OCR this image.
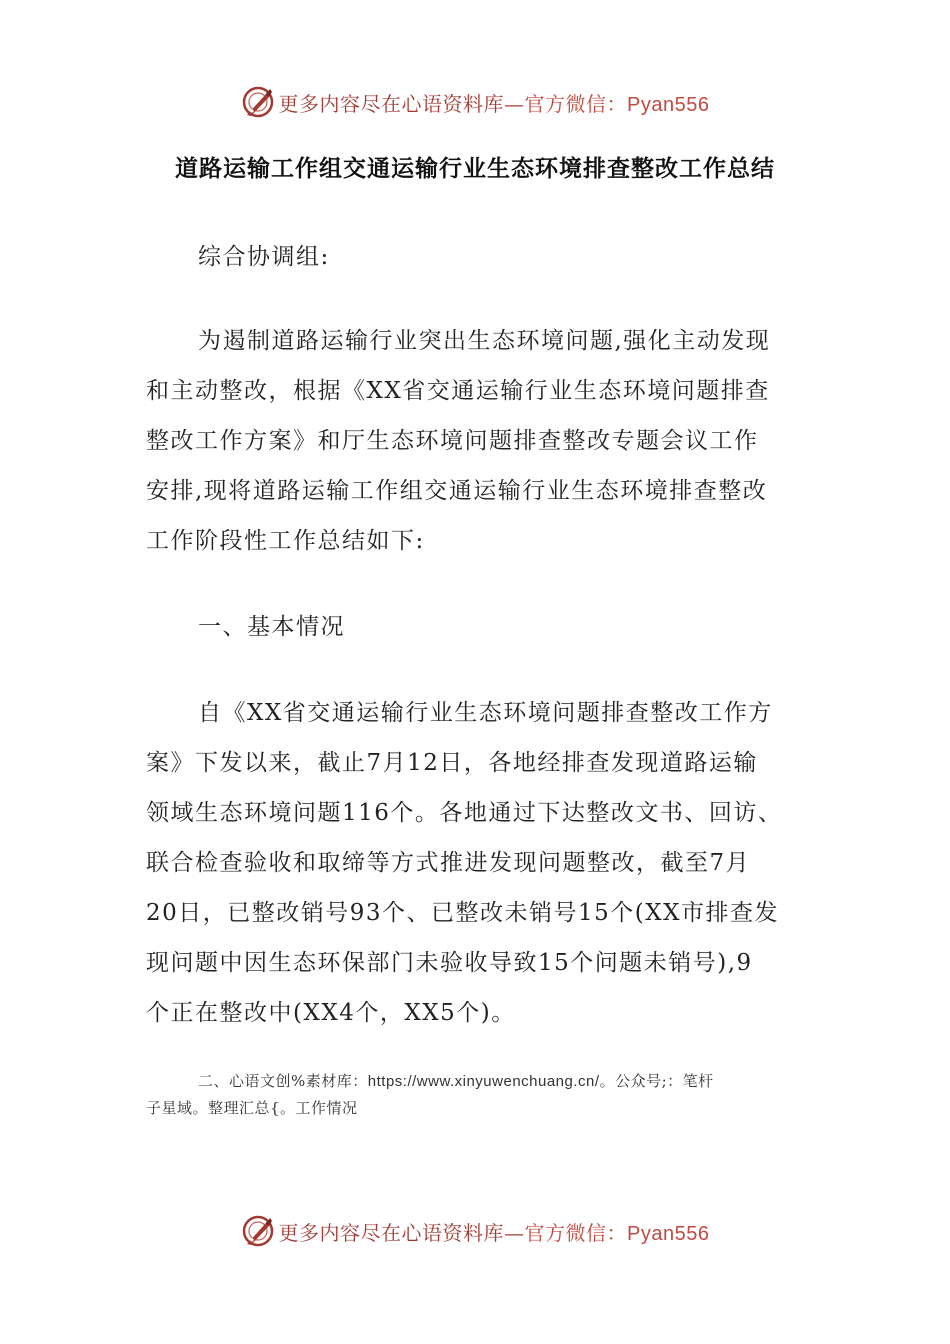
更多内容尽在心语资料库—官方微信：Pyan556
道路运输工作组交通运输行业生态环境排查整改工作总结
综合协调组:
为遏制道路运输行业突出生态环境问题,强化主动发现
和主动整改，根据《XX省交通运输行业生态环境问题排查
整改工作方案》和厅生态环境问题排查整改专题会议工作
安排,现将道路运输工作组交通运输行业生态环境排查整改
工作阶段性工作总结如下:
一、基本情况
自《XX省交通运输行业生态环境问题排查整改工作方
案》下发以来，截止7月12日，各地经排查发现道路运输
领域生态环境问题116个。各地通过下达整改文书、回访、
联合检查验收和取缔等方式推进发现问题整改，截至7月
20日，已整改销号93个、已整改未销号15个(XX市排查发
现问题中因生态环保部门未验收导致15个问题未销号),9
个正在整改中(XX4个，XX5个)。
二、心语文创%素材库：https://www.xinyuwenchuang.cn/。公众号;：笔杆
子星域。整理汇总{。工作情况
更多内容尽在心语资料库—官方微信：Pyan556
